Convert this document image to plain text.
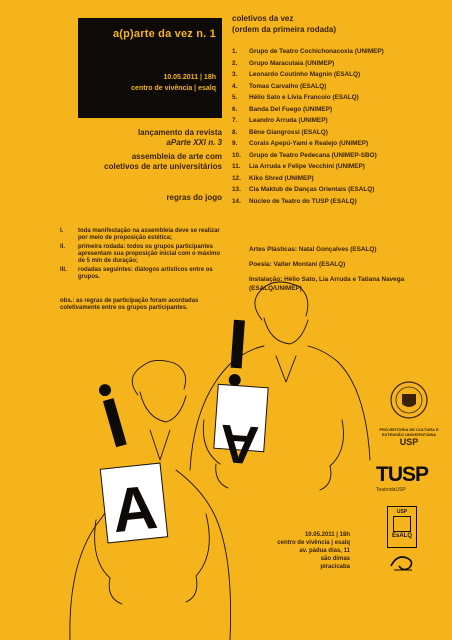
a(p)arte da vez n. 1
10.05.2011 | 18h
centro de vivência | esalq
lançamento da revista
aParte XXI n. 3
assembleia de arte com
coletivos de arte universitários
regras do jogo
I.	toda manifestação na assembleia deve se realizar por meio de proposição estética;
II.	primeira rodada: todos os grupos participantes apresentam sua proposição inicial com o máximo de 5 min de duração;
III.	rodadas seguintes: diálogos artísticos entre os grupos.
obs.: as regras de participação foram acordadas coletivamente entre os grupos participantes.
coletivos da vez
(ordem da primeira rodada)
1.	Grupo de Teatro Cochichonacoxia (UNIMEP)
2.	Grupo Maracutaia (UNIMEP)
3.	Leonardo Coutinho Magnin (ESALQ)
4.	Tomas Carvalho (ESALQ)
5.	Hélio Sato e Lívia Francoio (ESALQ)
6.	Banda Del Fuego (UNIMEP)
7.	Leandro Arruda (UNIMEP)
8.	Bêne Giangrossi (ESALQ)
9.	Corais Apepú-Yami e Realejo (UNIMEP)
10.	Grupo de Teatro Pedecana (UNIMEP-SBO)
11.	Lia Arruda e Felipe Vecchini (UNIMEP)
12.	Kiko Shred (UNIMEP)
13.	Cia Maktub de Danças Orientais (ESALQ)
14.	Núcleo de Teatro do TUSP (ESALQ)
Artes Plásticas: Natal Gonçalves (ESALQ)
Poesia: Valter Montani (ESALQ)
Instalação: Hélio Sato, Lia Arruda e Tatiana Navega (ESALQ/UNIMEP)
A
A	PRÓ-REITORIA DE CULTURA E EXTENSÃO UNIVERSITÁRIA
USP
TUSP
TeatrodaUSP
USP
EsALQ
10.05.2011 | 18h
centro de vivência | esalq
av. pádua dias, 11
são dimas
piracicaba
